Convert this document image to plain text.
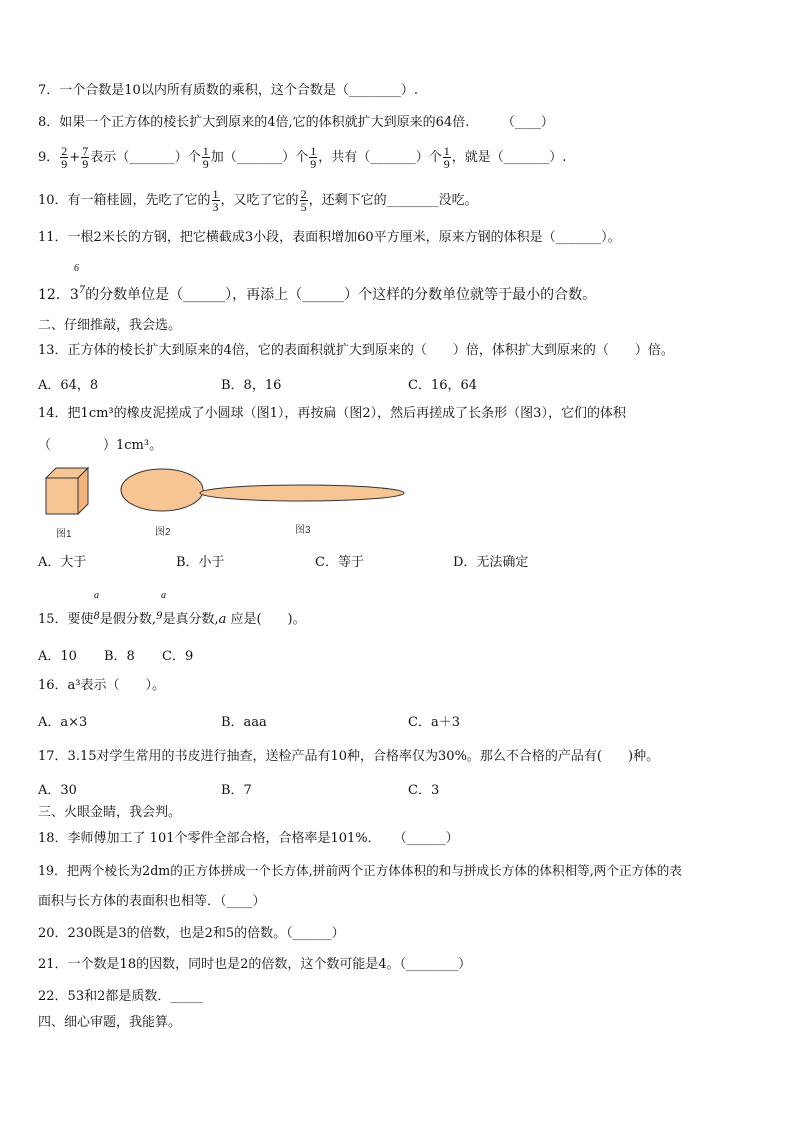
7．一个合数是10以内所有质数的乘积，这个合数是（________）.
8．如果一个正方体的棱长扩大到原来的4倍,它的体积就扩大到原来的64倍.　　　（____）
9． $\frac{2}{9} + \frac{7}{9}$ 表示（_______）个 $\frac{1}{9}$ 加（_______）个 $\frac{1}{9}$ ，共有（_______）个 $\frac{1}{9}$ ，就是（_______）.
10．有一箱桂圆，先吃了它的 $\frac{1}{3}$ ，又吃了它的 $\frac{2}{5}$ ，还剩下它的________没吃。
11．一根2米长的方钢，把它横截成3小段，表面积增加60平方厘米，原来方钢的体积是（_______）。
6
12．$3^7$的分数单位是（______），再添上（______）个这样的分数单位就等于最小的合数。
二、仔细推敲，我会选。
13．正方体的棱长扩大到原来的4倍，它的表面积就扩大到原来的（　　）倍，体积扩大到原来的（　　）倍。
A．64，8	B．8，16	C．16，64
14．把1cm³的橡皮泥搓成了小圆球（图1），再按扁（图2），然后再搓成了长条形（图3），它们的体积
（　　　　）1cm³。
图1	图2	图3
A．大于	B．小于	C．等于	D．无法确定
a	a
15．要使$^8$是假分数,$^9$是真分数,a 应是(　　)。
A．10 B．8 C．9
16．a³表示（　　）。
A．a×3	B．aaa	C．a＋3
17．3.15对学生常用的书皮进行抽查，送检产品有10种，合格率仅为30%。那么不合格的产品有(　　)种。
A．30	B．7	C．3
三、火眼金睛，我会判。
18．李师傅加工了 101个零件全部合格，合格率是101%．　　（______）
19．把两个棱长为2dm的正方体拼成一个长方体,拼前两个正方体体积的和与拼成长方体的体积相等,两个正方体的表
面积与长方体的表面积也相等．（____）
20．230既是3的倍数，也是2和5的倍数。（______）
21．一个数是18的因数，同时也是2的倍数，这个数可能是4。（________）
22．53和2都是质数．_____
四、细心审题，我能算。
